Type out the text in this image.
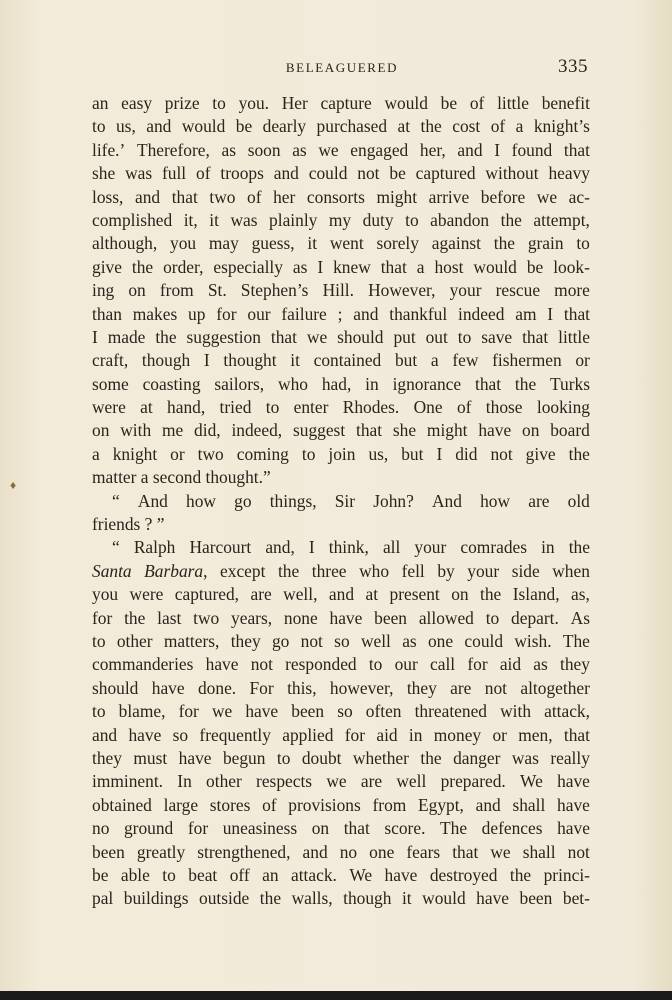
BELEAGUERED	335
♦
an easy prize to you. Her capture would be of little benefit
to us, and would be dearly purchased at the cost of a knight’s
life.’ Therefore, as soon as we engaged her, and I found that
she was full of troops and could not be captured without heavy
loss, and that two of her consorts might arrive before we ac-
complished it, it was plainly my duty to abandon the attempt,
although, you may guess, it went sorely against the grain to
give the order, especially as I knew that a host would be look-
ing on from St. Stephen’s Hill. However, your rescue more
than makes up for our failure ; and thankful indeed am I that
I made the suggestion that we should put out to save that little
craft, though I thought it contained but a few fishermen or
some coasting sailors, who had, in ignorance that the Turks
were at hand, tried to enter Rhodes. One of those looking
on with me did, indeed, suggest that she might have on board
a knight or two coming to join us, but I did not give the
matter a second thought.”
“ And how go things, Sir John? And how are old
friends ? ”
“ Ralph Harcourt and, I think, all your comrades in the
Santa Barbara, except the three who fell by your side when
you were captured, are well, and at present on the Island, as,
for the last two years, none have been allowed to depart. As
to other matters, they go not so well as one could wish. The
commanderies have not responded to our call for aid as they
should have done. For this, however, they are not altogether
to blame, for we have been so often threatened with attack,
and have so frequently applied for aid in money or men, that
they must have begun to doubt whether the danger was really
imminent. In other respects we are well prepared. We have
obtained large stores of provisions from Egypt, and shall have
no ground for uneasiness on that score. The defences have
been greatly strengthened, and no one fears that we shall not
be able to beat off an attack. We have destroyed the princi-
pal buildings outside the walls, though it would have been bet-
